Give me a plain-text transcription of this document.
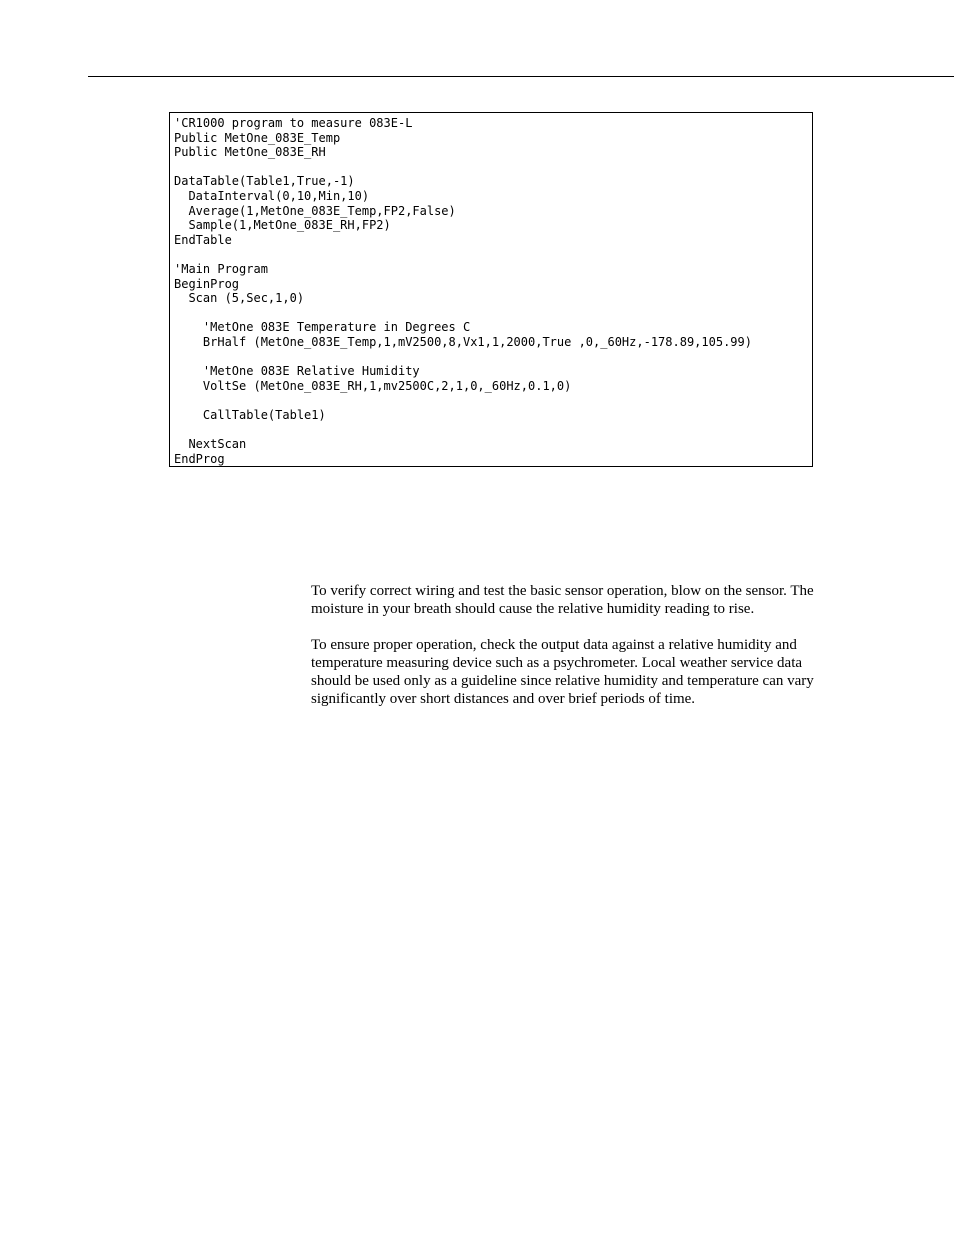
'CR1000 program to measure 083E-L
Public MetOne_083E_Temp
Public MetOne_083E_RH
DataTable(Table1,True,-1)
DataInterval(0,10,Min,10)
Average(1,MetOne_083E_Temp,FP2,False)
Sample(1,MetOne_083E_RH,FP2)
EndTable
'Main Program
BeginProg
Scan (5,Sec,1,0)
'MetOne 083E Temperature in Degrees C
BrHalf (MetOne_083E_Temp,1,mV2500,8,Vx1,1,2000,True ,0,_60Hz,-178.89,105.99)
'MetOne 083E Relative Humidity
VoltSe (MetOne_083E_RH,1,mv2500C,2,1,0,_60Hz,0.1,0)
CallTable(Table1)
NextScan
EndProg

To verify correct wiring and test the basic sensor operation, blow on the sensor. The moisture in your breath should cause the relative humidity reading to rise.

To ensure proper operation, check the output data against a relative humidity and temperature measuring device such as a psychrometer. Local weather service data should be used only as a guideline since relative humidity and temperature can vary significantly over short distances and over brief periods of time.
